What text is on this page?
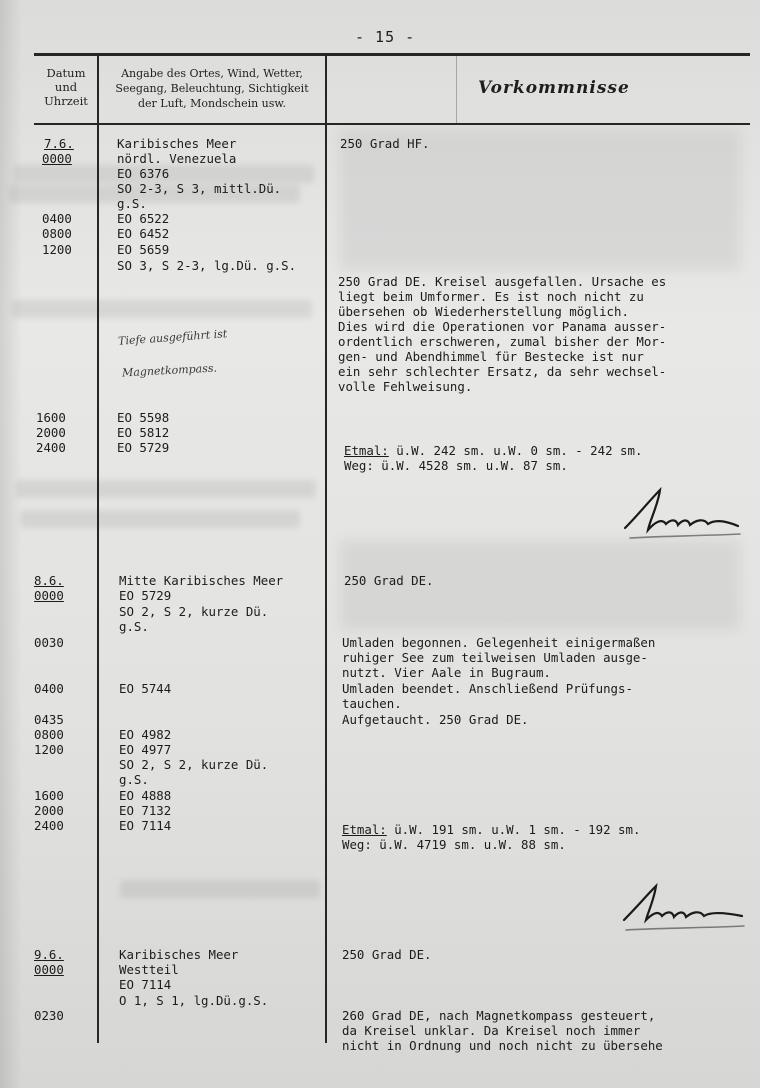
- 15 -
Datum
und
Uhrzeit
Angabe des Ortes, Wind, Wetter,
Seegang, Beleuchtung, Sichtigkeit
der Luft, Mondschein usw.
Vorkommnisse
7.6.
0000
0400
0800
1200
1600
2000
2400
Karibisches Meer
nördl. Venezuela
EO 6376
SO 2-3, S 3, mittl.Dü.
g.S.
EO 6522
EO 6452
EO 5659
SO 3, S 2-3, lg.Dü. g.S.
EO 5598
EO 5812
EO 5729
250 Grad HF.
250 Grad DE. Kreisel ausgefallen. Ursache es
liegt beim Umformer. Es ist noch nicht zu
übersehen ob Wiederherstellung möglich.
Dies wird die Operationen vor Panama ausser-
ordentlich erschweren, zumal bisher der Mor-
gen- und Abendhimmel für Bestecke ist nur
ein sehr schlechter Ersatz, da sehr wechsel-
volle Fehlweisung.
Etmal: ü.W. 242 sm. u.W. 0 sm. - 242 sm.
Weg: ü.W. 4528 sm. u.W. 87 sm.
Tiefe ausgeführt ist
Magnetkompass.
8.6.
0000
0030
0400
0435
0800
1200
1600
2000
2400
Mitte Karibisches Meer
EO 5729
SO 2, S 2, kurze Dü.
g.S.
EO 5744
EO 4982
EO 4977
SO 2, S 2, kurze Dü.
g.S.
EO 4888
EO 7132
EO 7114
250 Grad DE.
Umladen begonnen. Gelegenheit einigermaßen
ruhiger See zum teilweisen Umladen ausge-
nutzt. Vier Aale in Bugraum.
Umladen beendet. Anschließend Prüfungs-
tauchen.
Aufgetaucht. 250 Grad DE.
Etmal: ü.W. 191 sm. u.W. 1 sm. - 192 sm.
Weg: ü.W. 4719 sm. u.W. 88 sm.
9.6.
0000
0230
Karibisches Meer
Westteil
EO 7114
O 1, S 1, lg.Dü.g.S.
250 Grad DE.
260 Grad DE, nach Magnetkompass gesteuert,
da Kreisel unklar. Da Kreisel noch immer
nicht in Ordnung und noch nicht zu übersehe
